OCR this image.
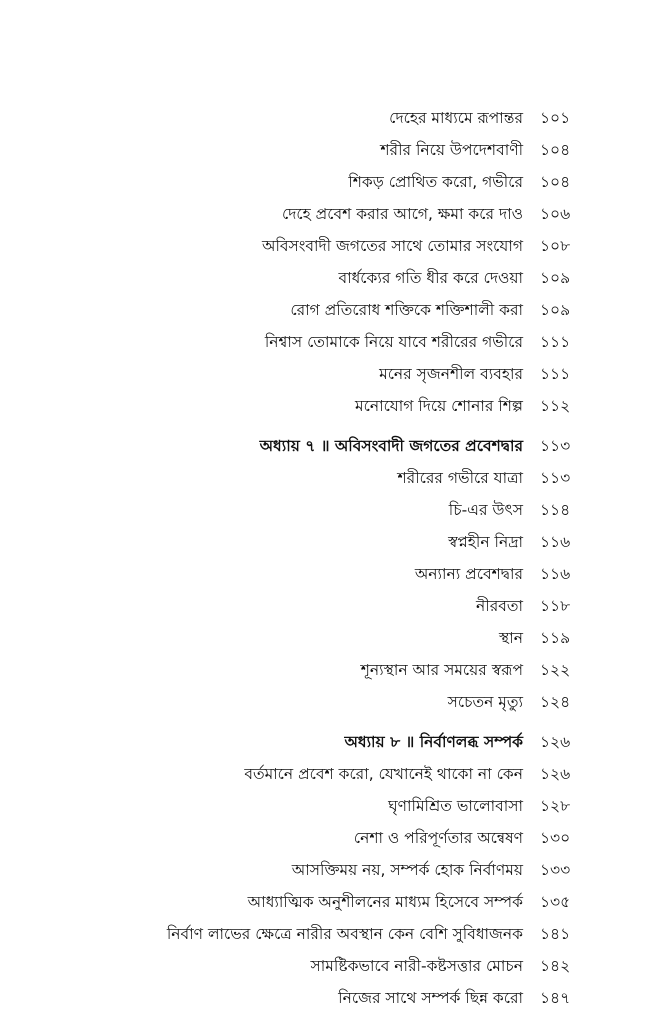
দেহের মাধ্যমে রূপান্তর ১০১
শরীর নিয়ে উপদেশবাণী ১০৪
শিকড় প্রোথিত করো, গভীরে ১০৪
দেহে প্রবেশ করার আগে, ক্ষমা করে দাও ১০৬
অবিসংবাদী জগতের সাথে তোমার সংযোগ ১০৮
বার্ধক্যের গতি ধীর করে দেওয়া ১০৯
রোগ প্রতিরোধ শক্তিকে শক্তিশালী করা ১০৯
নিশ্বাস তোমাকে নিয়ে যাবে শরীরের গভীরে ১১১
মনের সৃজনশীল ব্যবহার ১১১
মনোযোগ দিয়ে শোনার শিল্প ১১২
অধ্যায় ৭ ॥ অবিসংবাদী জগতের প্রবেশদ্বার ১১৩
শরীরের গভীরে যাত্রা ১১৩
চি-এর উৎস ১১৪
স্বপ্নহীন নিদ্রা ১১৬
অন্যান্য প্রবেশদ্বার ১১৬
নীরবতা ১১৮
স্থান ১১৯
শূন্যস্থান আর সময়ের স্বরূপ ১২২
সচেতন মৃত্যু ১২৪
অধ্যায় ৮ ॥ নির্বাণলব্ধ সম্পর্ক ১২৬
বর্তমানে প্রবেশ করো, যেখানেই থাকো না কেন ১২৬
ঘৃণামিশ্রিত ভালোবাসা ১২৮
নেশা ও পরিপূর্ণতার অন্বেষণ ১৩০
আসক্তিময় নয়, সম্পর্ক হোক নির্বাণময় ১৩৩
আধ্যাত্মিক অনুশীলনের মাধ্যম হিসেবে সম্পর্ক ১৩৫
নির্বাণ লাভের ক্ষেত্রে নারীর অবস্থান কেন বেশি সুবিধাজনক ১৪১
সামষ্টিকভাবে নারী-কষ্টসত্তার মোচন ১৪২
নিজের সাথে সম্পর্ক ছিন্ন করো ১৪৭
